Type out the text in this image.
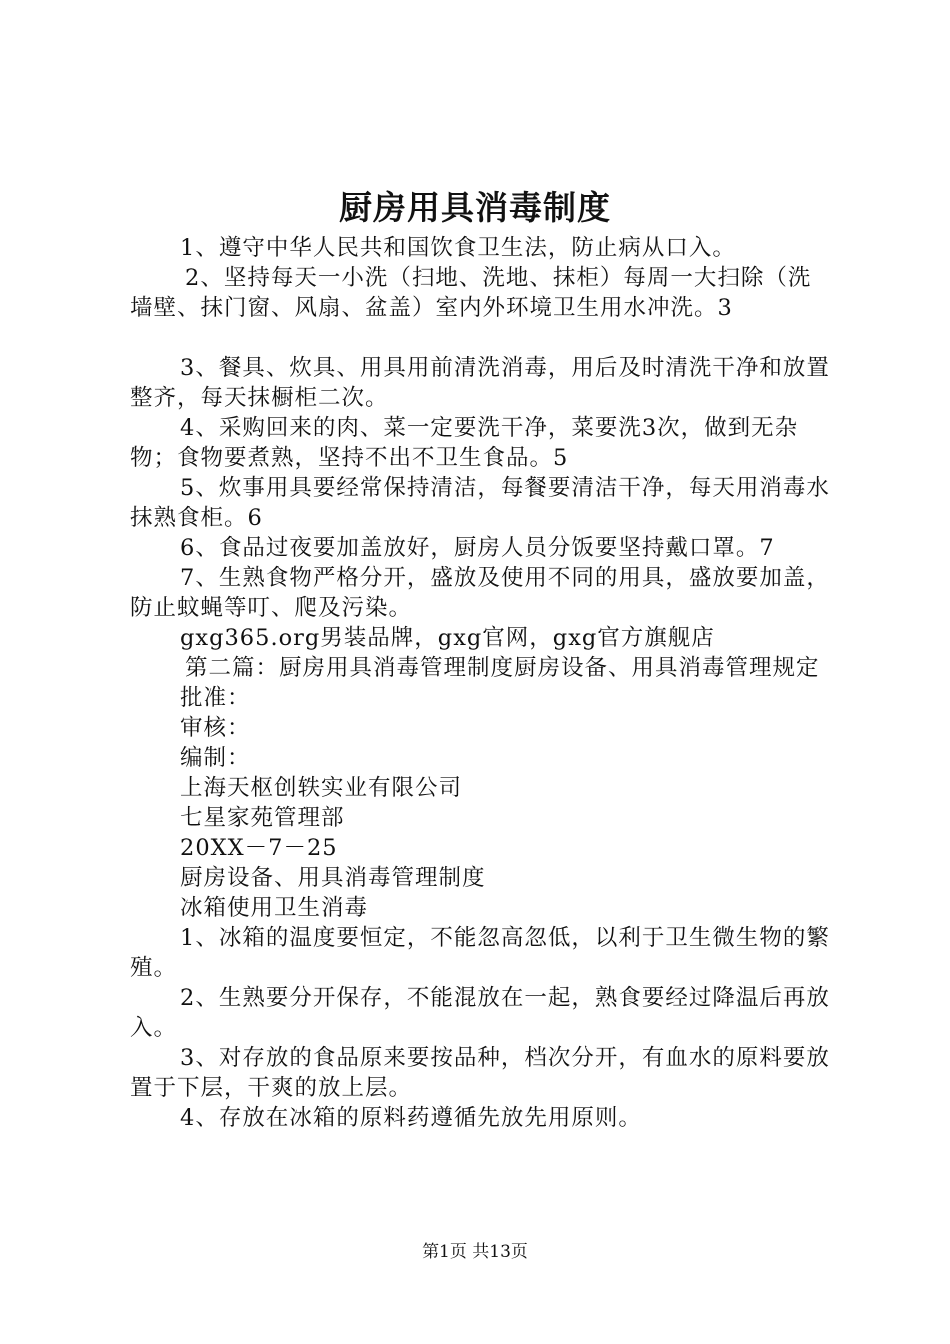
厨房用具消毒制度

1、遵守中华人民共和国饮食卫生法，防止病从口入。

2、坚持每天一小洗（扫地、洗地、抹柜）每周一大扫除（洗墙壁、抹门窗、风扇、盆盖）室内外环境卫生用水冲洗。3

3、餐具、炊具、用具用前清洗消毒，用后及时清洗干净和放置整齐，每天抹橱柜二次。

4、采购回来的肉、菜一定要洗干净，菜要洗3次，做到无杂物；食物要煮熟，坚持不出不卫生食品。5

5、炊事用具要经常保持清洁，每餐要清洁干净，每天用消毒水抹熟食柜。6

6、食品过夜要加盖放好，厨房人员分饭要坚持戴口罩。7

7、生熟食物严格分开，盛放及使用不同的用具，盛放要加盖，防止蚊蝇等叮、爬及污染。

gxg365.org男装品牌，gxg官网，gxg官方旗舰店

第二篇：厨房用具消毒管理制度厨房设备、用具消毒管理规定

批准：

审核：

编制：

上海天枢创轶实业有限公司

七星家苑管理部

20XX－7－25

厨房设备、用具消毒管理制度

冰箱使用卫生消毒

1、冰箱的温度要恒定，不能忽高忽低，以利于卫生微生物的繁殖。

2、生熟要分开保存，不能混放在一起，熟食要经过降温后再放入。

3、对存放的食品原来要按品种，档次分开，有血水的原料要放置于下层，干爽的放上层。

4、存放在冰箱的原料药遵循先放先用原则。

第1页 共13页
